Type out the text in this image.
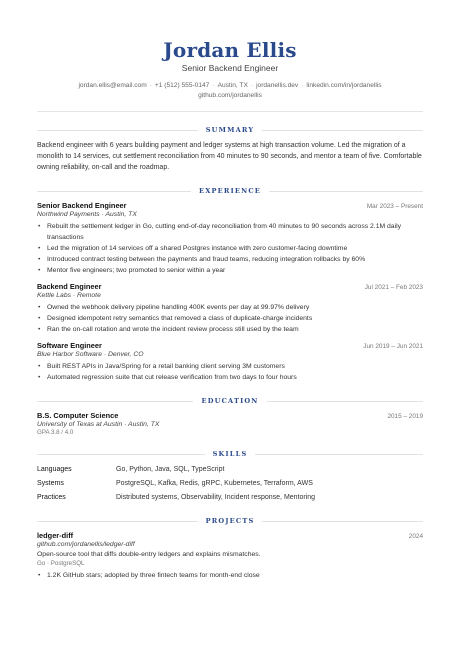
Jordan Ellis
Senior Backend Engineer
jordan.ellis@email.com · +1 (512) 555-0147 · Austin, TX · jordanellis.dev · linkedin.com/in/jordanellis
github.com/jordanellis
SUMMARY
Backend engineer with 6 years building payment and ledger systems at high transaction volume. Led the migration of a monolith to 14 services, cut settlement reconciliation from 40 minutes to 90 seconds, and mentor a team of five. Comfortable owning reliability, on-call and the roadmap.
EXPERIENCE
Senior Backend Engineer	Mar 2023 – Present
Northwind Payments · Austin, TX
• Rebuilt the settlement ledger in Go, cutting end-of-day reconciliation from 40 minutes to 90 seconds across 2.1M daily transactions
• Led the migration of 14 services off a shared Postgres instance with zero customer-facing downtime
• Introduced contract testing between the payments and fraud teams, reducing integration rollbacks by 60%
• Mentor five engineers; two promoted to senior within a year
Backend Engineer	Jul 2021 – Feb 2023
Kettle Labs · Remote
• Owned the webhook delivery pipeline handling 400K events per day at 99.97% delivery
• Designed idempotent retry semantics that removed a class of duplicate-charge incidents
• Ran the on-call rotation and wrote the incident review process still used by the team
Software Engineer	Jun 2019 – Jun 2021
Blue Harbor Software · Denver, CO
• Built REST APIs in Java/Spring for a retail banking client serving 3M customers
• Automated regression suite that cut release verification from two days to four hours
EDUCATION
B.S. Computer Science	2015 – 2019
University of Texas at Austin · Austin, TX
GPA 3.8 / 4.0
SKILLS
Languages	Go, Python, Java, SQL, TypeScript
Systems	PostgreSQL, Kafka, Redis, gRPC, Kubernetes, Terraform, AWS
Practices	Distributed systems, Observability, Incident response, Mentoring
PROJECTS
ledger-diff	2024
github.com/jordanellis/ledger-diff
Open-source tool that diffs double-entry ledgers and explains mismatches.
Go · PostgreSQL
• 1.2K GitHub stars; adopted by three fintech teams for month-end close
